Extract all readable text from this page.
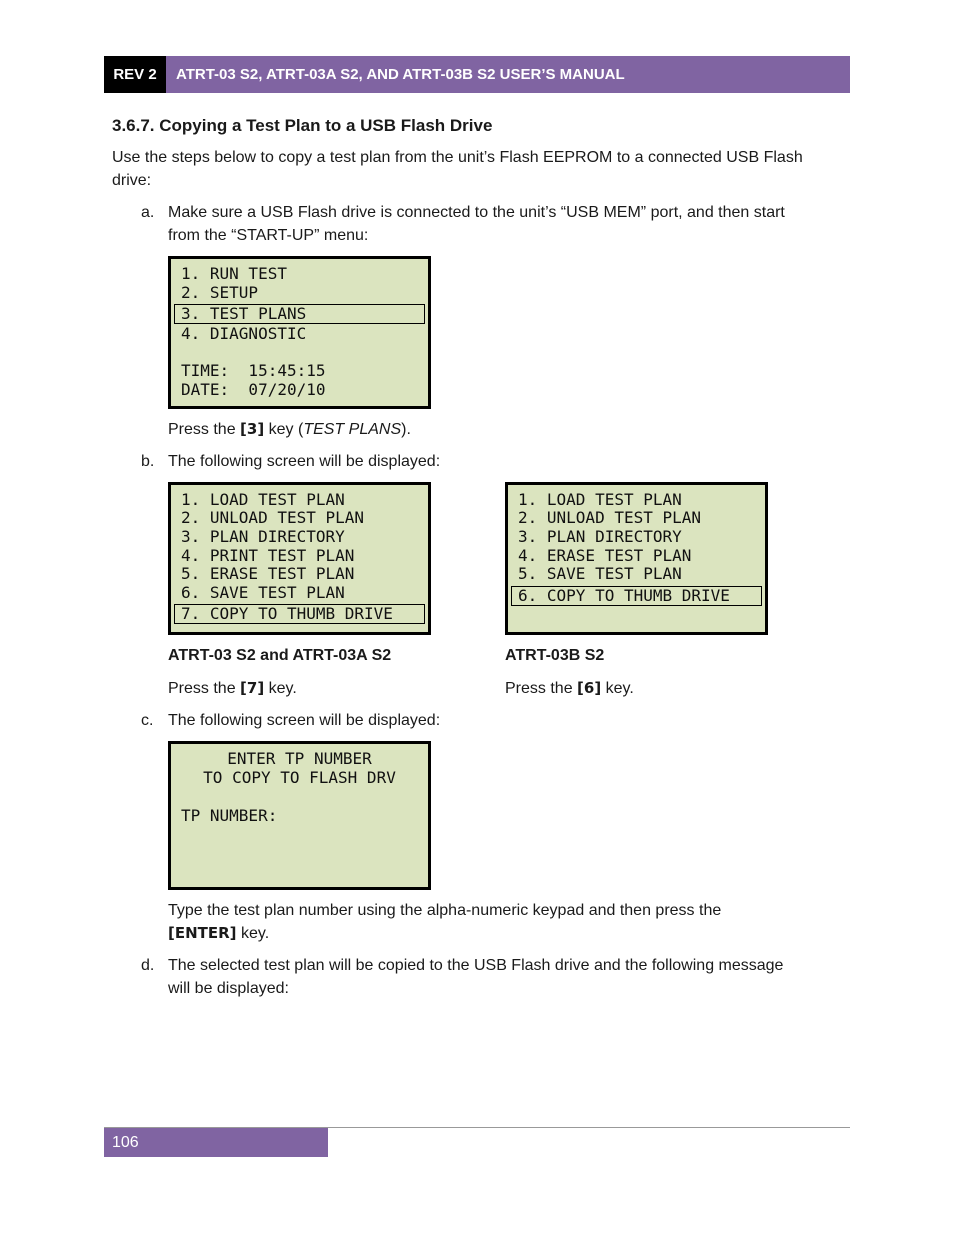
REV 2	ATRT-03 S2, ATRT-03A S2, AND ATRT-03B S2 USER’S MANUAL
3.6.7. Copying a Test Plan to a USB Flash Drive

Use the steps below to copy a test plan from the unit’s Flash EEPROM to a connected USB Flash

drive:

a. Make sure a USB Flash drive is connected to the unit’s “USB MEM” port, and then start

from the “START-UP” menu:

1. RUN TEST
2. SETUP
3. TEST PLANS
4. DIAGNOSTIC
TIME:  15:45:15
DATE:  07/20/10

Press the [3] key (TEST PLANS).

b. The following screen will be displayed:

1. LOAD TEST PLAN
2. UNLOAD TEST PLAN
3. PLAN DIRECTORY
4. PRINT TEST PLAN
5. ERASE TEST PLAN
6. SAVE TEST PLAN
7. COPY TO THUMB DRIVE
1. LOAD TEST PLAN
2. UNLOAD TEST PLAN
3. PLAN DIRECTORY
4. ERASE TEST PLAN
5. SAVE TEST PLAN
6. COPY TO THUMB DRIVE
ATRT-03 S2 and ATRT-03A S2	ATRT-03B S2

Press the [7] key.	Press the [6] key.

c. The following screen will be displayed:

ENTER TP NUMBER
TO COPY TO FLASH DRV
TP NUMBER:

Type the test plan number using the alpha-numeric keypad and then press the

[ENTER] key.

d. The selected test plan will be copied to the USB Flash drive and the following message

will be displayed:

106
